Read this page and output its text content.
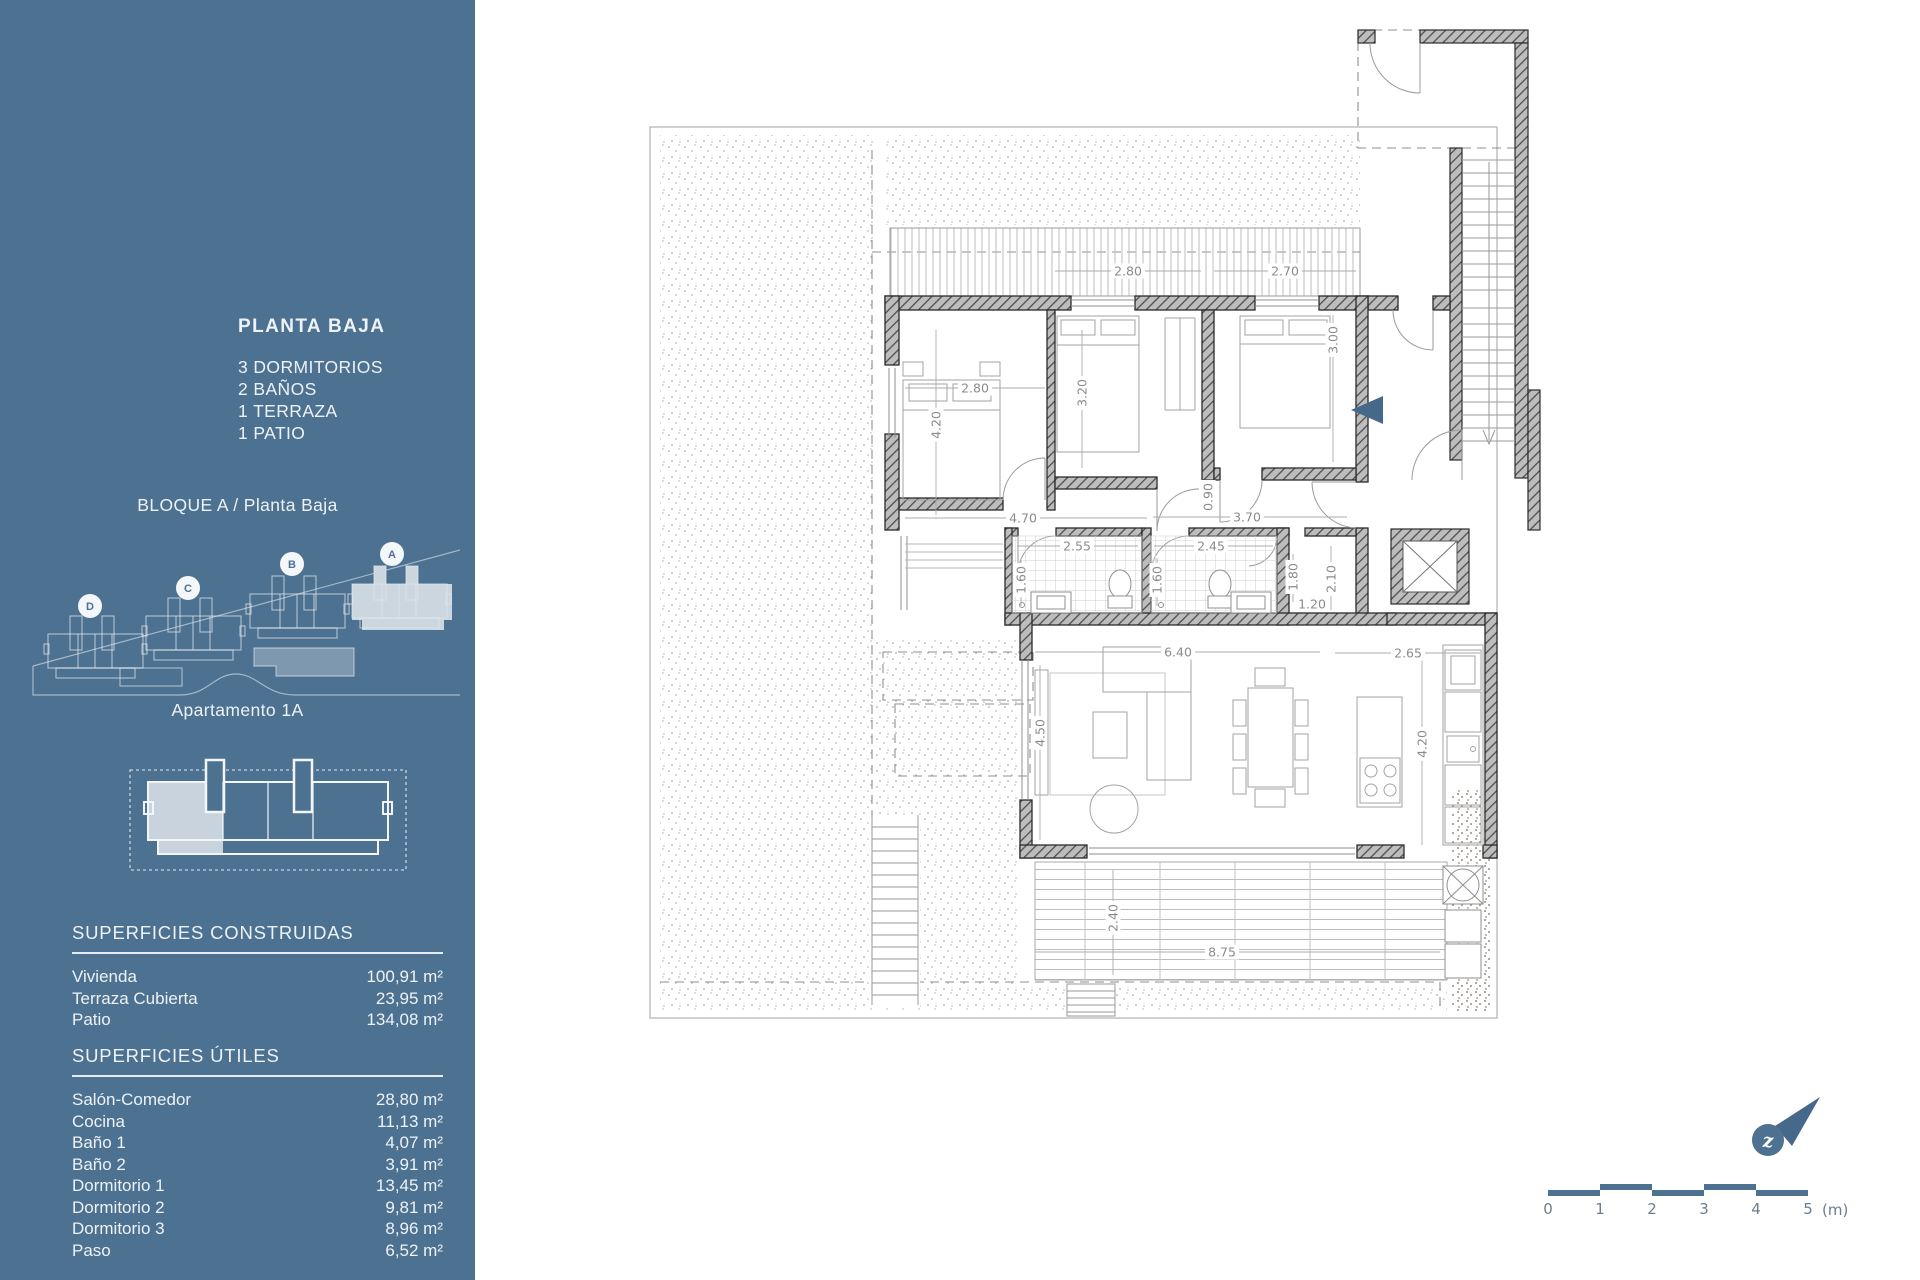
PLANTA BAJA
3 DORMITORIOS
2 BAÑOS
1 TERRAZA
1 PATIO
BLOQUE A / Planta Baja
D
C
B
A
Apartamento 1A
SUPERFICIES CONSTRUIDAS
Vivienda	100,91 m²
Terraza Cubierta	23,95 m²
Patio	134,08 m²
SUPERFICIES ÚTILES
Salón-Comedor	28,80 m²
Cocina	11,13 m²
Baño 1	4,07 m²
Baño 2	3,91 m²
Dormitorio 1	13,45 m²
Dormitorio 2	9,81 m²
Dormitorio 3	8,96 m²
Paso	6,52 m²
z
2.80	2.70
2.80
4.20
3.20
3.00
4.70
0.90
3.70
2.55	2.45
1.60	1.60	1.80 2.10
1.20
6.40	2.65
4.50	4.20
2.40
8.75
0	1	2	3	4	5 (m)
